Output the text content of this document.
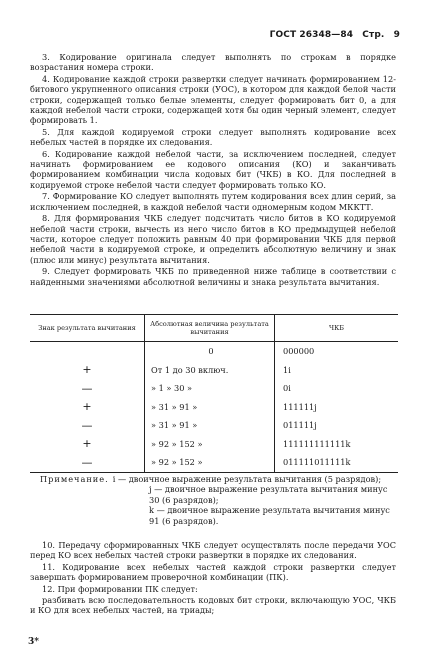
ГОСТ 26348—84 Стр. 9

3. Кодирование оригинала следует выполнять по строкам в порядке возрастания номера строки.

4. Кодирование каждой строки развертки следует начинать формированием 12-битового укрупненного описания строки (УОС), в котором для каждой белой части строки, содержащей только белые элементы, следует формировать бит 0, а для каждой небелой части строки, содержащей хотя бы один черный элемент, следует формировать 1.

5. Для каждой кодируемой строки следует выполнять кодирование всех небелых частей в порядке их следования.

6. Кодирование каждой небелой части, за исключением последней, следует начинать формированием ее кодового описания (КО) и заканчивать формированием комбинации числа кодовых бит (ЧКБ) в КО. Для последней в кодируемой строке небелой части следует формировать только КО.

7. Формирование КО следует выполнять путем кодирования всех длин серий, за исключением последней, в каждой небелой части одномерным кодом МККТТ.

8. Для формирования ЧКБ следует подсчитать число битов в КО кодируемой небелой части строки, вычесть из него число битов в КО предмыдущей небелой части, которое следует положить равным 40 при формировании ЧКБ для первой небелой части в кодируемой строке, и определить абсолютную величину и знак (плюс или минус) результата вычитания.

9. Следует формировать ЧКБ по приведенной ниже таблице в соответствии с найденными значениями абсолютной величины и знака результата вычитания.

Знак результата вычитания	Абсолютная величина результата вычитания	ЧКБ
	0	000000
+	От 1 до 30 включ.	1i
—	» 1 » 30 »	0i
+	» 31 » 91 »	111111j
—	» 31 » 91 »	011111j
+	» 92 » 152 »	111111111111k
—	» 92 » 152 »	011111011111k
Примечание. i — двоичное выражение результата вычитания (5 разрядов);
j — двоичное выражение результата вычитания минус 30 (6 разрядов);
k — двоичное выражение результата вычитания минус 91 (6 разрядов).

10. Передачу сформированных ЧКБ следует осуществлять после передачи УОС перед КО всех небелых частей строки развертки в порядке их следования.

11. Кодирование всех небелых частей каждой строки развертки следует завершать формированием проверочной комбинации (ПК).

12. При формировании ПК следует:

разбивать всю последовательность кодовых бит строки, включающую УОС, ЧКБ и КО для всех небелых частей, на триады;

3*
